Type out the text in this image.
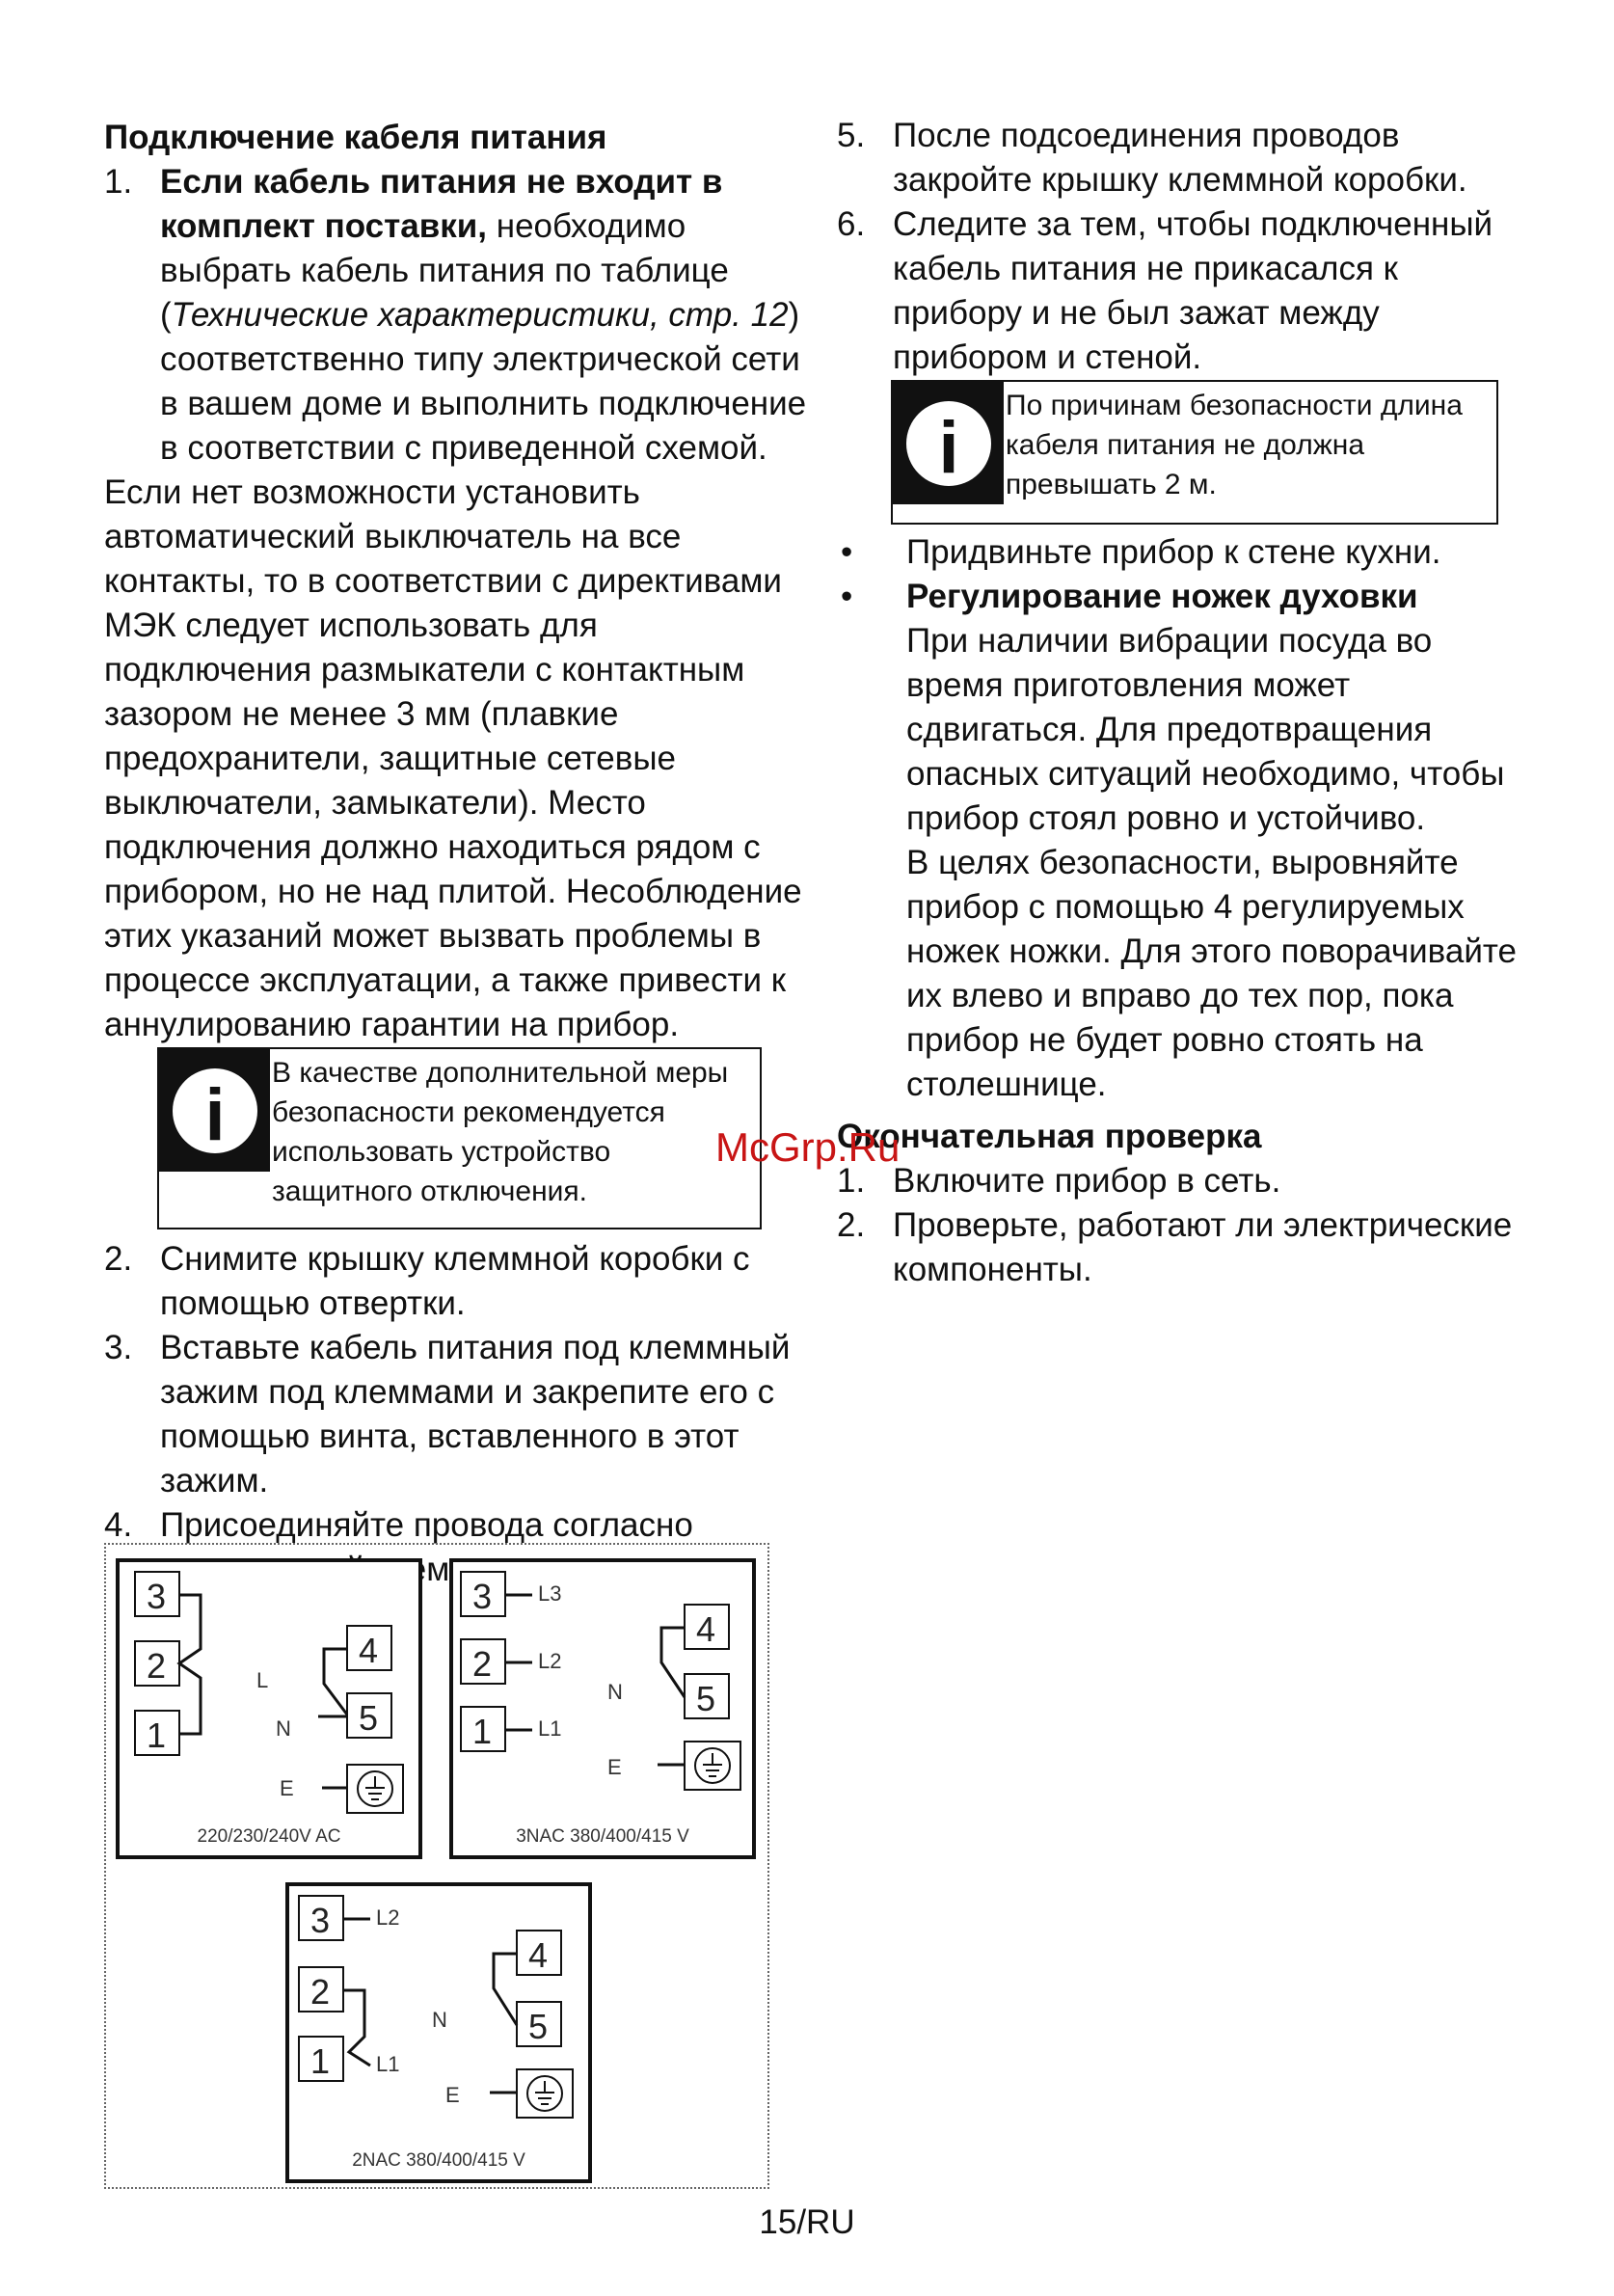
Подключение кабеля питания
1. Если кабель питания не входит в комплект поставки, необходимо выбрать кабель питания по таблице (Технические характеристики, стр. 12) соответственно типу электрической сети в вашем доме и выполнить подключение в соответствии с приведенной схемой.

Если нет возможности установить автоматический выключатель на все контакты, то в соответствии с директивами МЭК следует использовать для подключения размыкатели с контактным зазором не менее 3 мм (плавкие предохранители, защитные сетевые выключатели, замыкатели). Место подключения должно находиться рядом с прибором, но не над плитой. Несоблюдение этих указаний может вызвать проблемы в процессе эксплуатации, а также привести к аннулированию гарантии на прибор.

i
В качестве дополнительной меры безопасности рекомендуется использовать устройство защитного отключения.
2. Снимите крышку клеммной коробки с помощью отвертки.
3. Вставьте кабель питания под клеммный зажим под клеммами и закрепите его с помощью винта, вставленного в этот зажим.
4. Присоединяйте провода согласно схеме.
3
2
1
4
5
L
N
E
220/230/240V AC
3
2
1
4
5
L3
L2
L1
N
E
3NAC 380/400/415 V
3
2
1
4
5
L2
L1
N
E
2NAC 380/400/415 V
5. После подсоединения проводов закройте крышку клеммной коробки.
6. Следите за тем, чтобы подключенный кабель питания не прикасался к прибору и не был зажат между прибором и стеной.
i
По причинам безопасности длина кабеля питания не должна превышать 2 м.
•	Придвиньте прибор к стене кухни.
•	Регулирование ножек духовки
При наличии вибрации посуда во время приготовления может сдвигаться. Для предотвращения опасных ситуаций необходимо, чтобы прибор стоял ровно и устойчиво.
В целях безопасности, выровняйте прибор с помощью 4 регулируемых ножек ножки. Для этого поворачивайте их влево и вправо до тех пор, пока прибор не будет ровно стоять на столешнице.
Окончательная проверка
1. Включите прибор в сеть.
2. Проверьте, работают ли электрические компоненты.
McGrp.Ru
15/RU
